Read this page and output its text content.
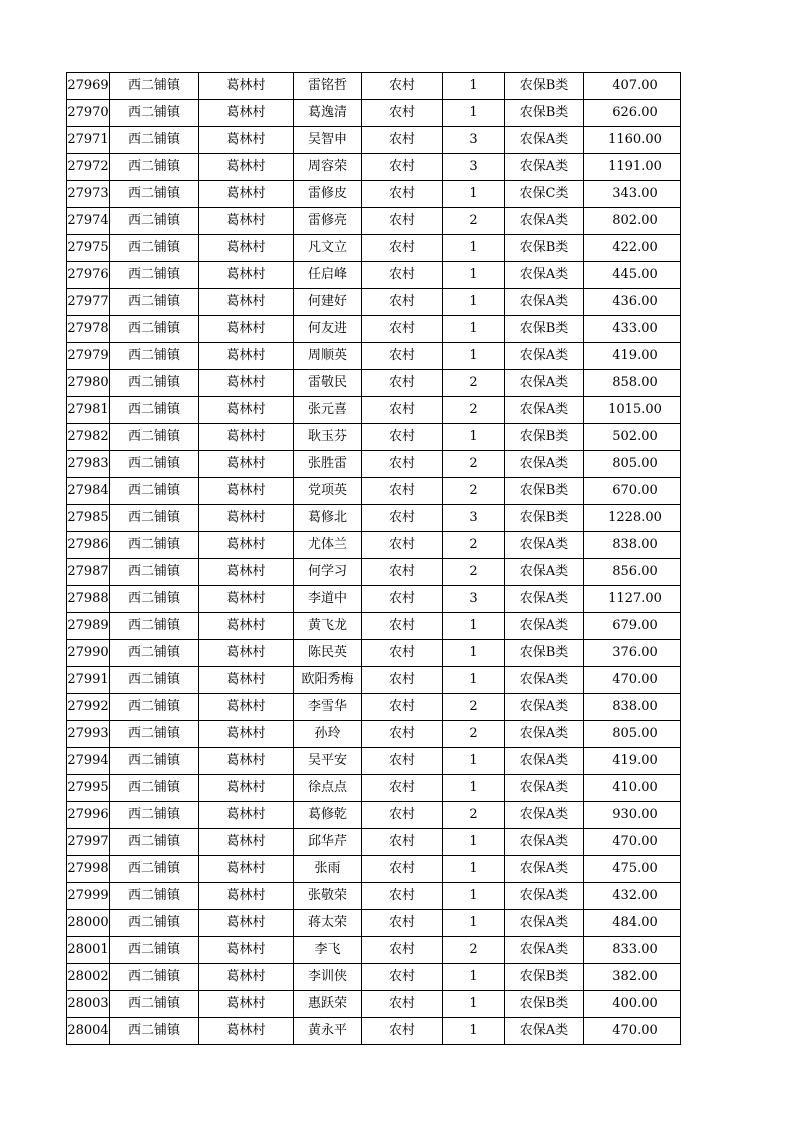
27969	西二铺镇	葛林村	雷铭哲	农村	1	农保B类	407.00
27970	西二铺镇	葛林村	葛逸清	农村	1	农保B类	626.00
27971	西二铺镇	葛林村	吴智申	农村	3	农保A类	1160.00
27972	西二铺镇	葛林村	周容荣	农村	3	农保A类	1191.00
27973	西二铺镇	葛林村	雷修皮	农村	1	农保C类	343.00
27974	西二铺镇	葛林村	雷修亮	农村	2	农保A类	802.00
27975	西二铺镇	葛林村	凡文立	农村	1	农保B类	422.00
27976	西二铺镇	葛林村	任启峰	农村	1	农保A类	445.00
27977	西二铺镇	葛林村	何建好	农村	1	农保A类	436.00
27978	西二铺镇	葛林村	何友进	农村	1	农保B类	433.00
27979	西二铺镇	葛林村	周顺英	农村	1	农保A类	419.00
27980	西二铺镇	葛林村	雷敬民	农村	2	农保A类	858.00
27981	西二铺镇	葛林村	张元喜	农村	2	农保A类	1015.00
27982	西二铺镇	葛林村	耿玉芬	农村	1	农保B类	502.00
27983	西二铺镇	葛林村	张胜雷	农村	2	农保A类	805.00
27984	西二铺镇	葛林村	党项英	农村	2	农保B类	670.00
27985	西二铺镇	葛林村	葛修北	农村	3	农保B类	1228.00
27986	西二铺镇	葛林村	尤体兰	农村	2	农保A类	838.00
27987	西二铺镇	葛林村	何学习	农村	2	农保A类	856.00
27988	西二铺镇	葛林村	李道中	农村	3	农保A类	1127.00
27989	西二铺镇	葛林村	黄飞龙	农村	1	农保A类	679.00
27990	西二铺镇	葛林村	陈民英	农村	1	农保B类	376.00
27991	西二铺镇	葛林村	欧阳秀梅	农村	1	农保A类	470.00
27992	西二铺镇	葛林村	李雪华	农村	2	农保A类	838.00
27993	西二铺镇	葛林村	孙玲	农村	2	农保A类	805.00
27994	西二铺镇	葛林村	吴平安	农村	1	农保A类	419.00
27995	西二铺镇	葛林村	徐点点	农村	1	农保A类	410.00
27996	西二铺镇	葛林村	葛修乾	农村	2	农保A类	930.00
27997	西二铺镇	葛林村	邱华芹	农村	1	农保A类	470.00
27998	西二铺镇	葛林村	张雨	农村	1	农保A类	475.00
27999	西二铺镇	葛林村	张敬荣	农村	1	农保A类	432.00
28000	西二铺镇	葛林村	蒋太荣	农村	1	农保A类	484.00
28001	西二铺镇	葛林村	李飞	农村	2	农保A类	833.00
28002	西二铺镇	葛林村	李训侠	农村	1	农保B类	382.00
28003	西二铺镇	葛林村	惠跃荣	农村	1	农保B类	400.00
28004	西二铺镇	葛林村	黄永平	农村	1	农保A类	470.00
